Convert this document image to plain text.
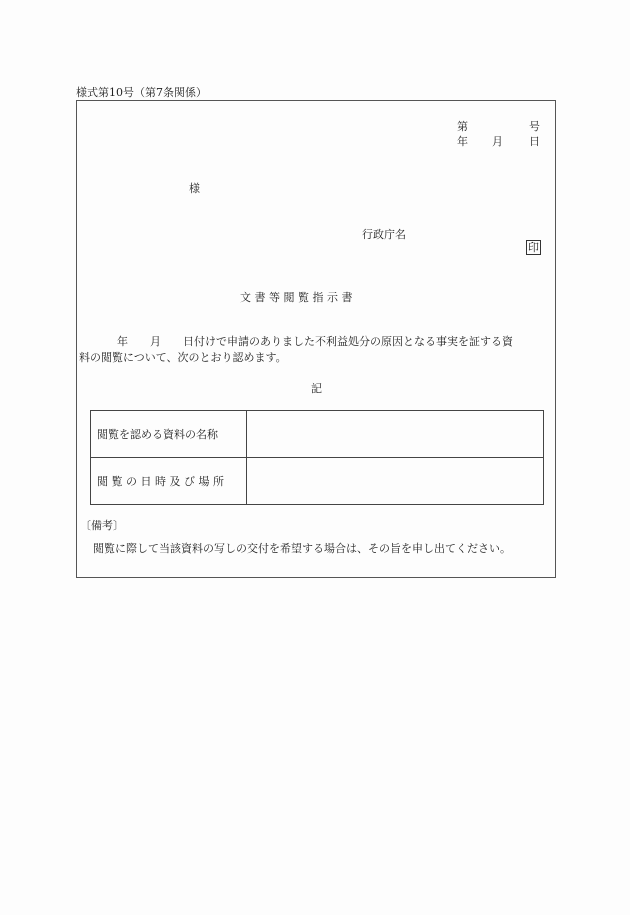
様式第10号（第7条関係）
第	号
年 月 日
様
行政庁名
印
文 書 等 閲 覧 指 示 書
年　　月　　日付けで申請のありました不利益処分の原因となる事実を証する資
料の閲覧について、次のとおり認めます。
記
閲覧を認める資料の名称	
閲 覧 の 日 時 及 び 場 所	
〔備考〕
閲覧に際して当該資料の写しの交付を希望する場合は、その旨を申し出てください。
